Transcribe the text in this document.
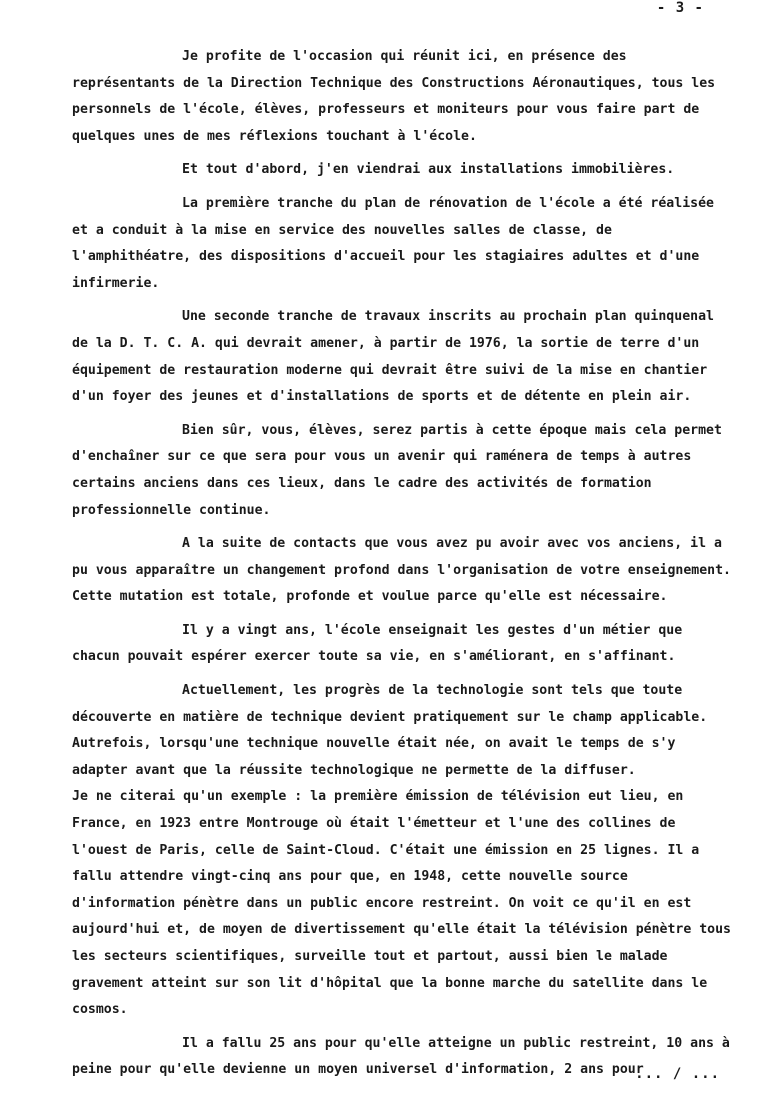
- 3 -

Je profite de l'occasion qui réunit ici, en présence des représentants de la Direction Technique des Constructions Aéronautiques, tous les personnels de l'école, élèves, professeurs et moniteurs pour vous faire part de quelques unes de mes réflexions touchant à l'école.

Et tout d'abord, j'en viendrai aux installations immobilières.

La première tranche du plan de rénovation de l'école a été réalisée et a conduit à la mise en service des nouvelles salles de classe, de l'amphithéatre, des dispositions d'accueil pour les stagiaires adultes et d'une infirmerie.

Une seconde tranche de travaux inscrits au prochain plan quinquenal de la D. T. C. A. qui devrait amener, à partir de 1976, la sortie de terre d'un équipement de restauration moderne qui devrait être suivi de la mise en chantier d'un foyer des jeunes et d'installations de sports et de détente en plein air.

Bien sûr, vous, élèves, serez partis à cette époque mais cela permet d'enchaîner sur ce que sera pour vous un avenir qui raménera de temps à autres certains anciens dans ces lieux, dans le cadre des activités de formation professionnelle continue.

A la suite de contacts que vous avez pu avoir avec vos anciens, il a pu vous apparaître un changement profond dans l'organisation de votre enseignement. Cette mutation est totale, profonde et voulue parce qu'elle est nécessaire.

Il y a vingt ans, l'école enseignait les gestes d'un métier que chacun pouvait espérer exercer toute sa vie, en s'améliorant, en s'affinant.

Actuellement, les progrès de la technologie sont tels que toute découverte en matière de technique devient pratiquement sur le champ applicable. Autrefois, lorsqu'une technique nouvelle était née, on avait le temps de s'y adapter avant que la réussite technologique ne permette de la diffuser.

Je ne citerai qu'un exemple : la première émission de télévision eut lieu, en France, en 1923 entre Montrouge où était l'émetteur et l'une des collines de l'ouest de Paris, celle de Saint-Cloud. C'était une émission en 25 lignes. Il a fallu attendre vingt-cinq ans pour que, en 1948, cette nouvelle source d'information pénètre dans un public encore restreint. On voit ce qu'il en est aujourd'hui et, de moyen de divertissement qu'elle était la télévision pénètre tous les secteurs scientifiques, surveille tout et partout, aussi bien le malade gravement atteint sur son lit d'hôpital que la bonne marche du satellite dans le cosmos.

Il a fallu 25 ans pour qu'elle atteigne un public restreint, 10 ans à peine pour qu'elle devienne un moyen universel d'information, 2 ans pour

... / ...
